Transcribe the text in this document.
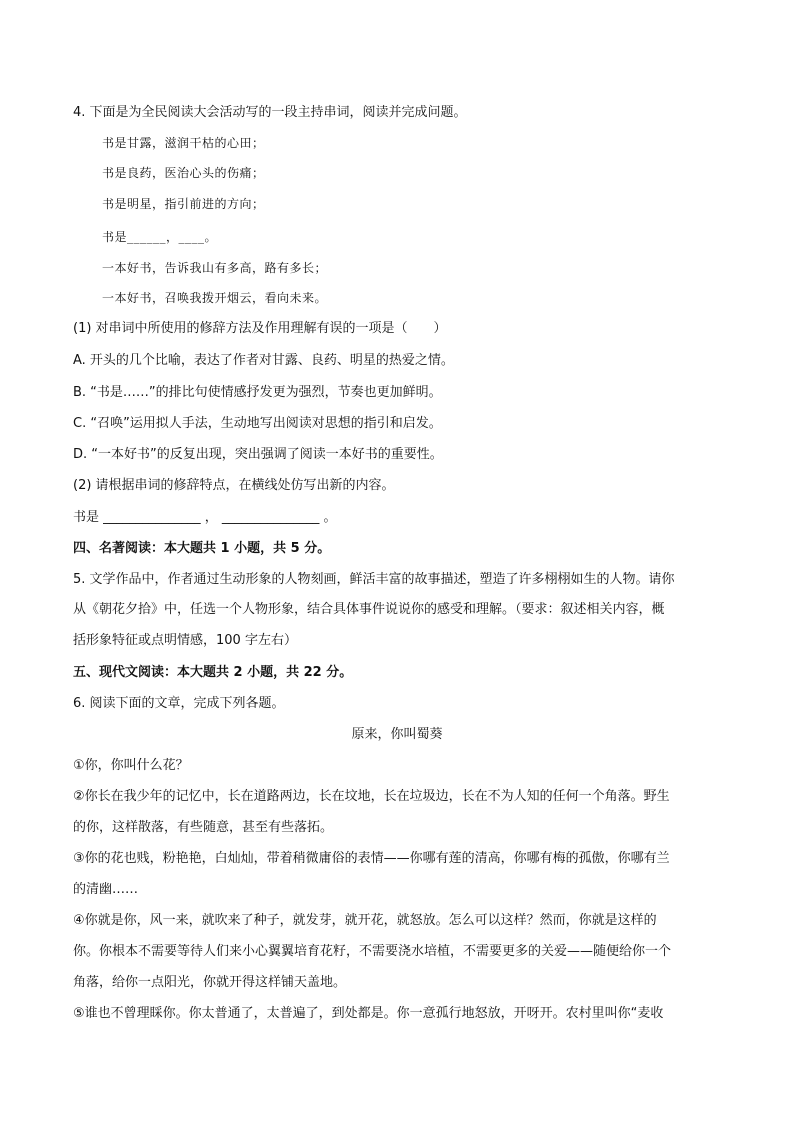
4. 下面是为全民阅读大会活动写的一段主持串词，阅读并完成问题。
书是甘露，滋润干枯的心田；
书是良药，医治心头的伤痛；
书是明星，指引前进的方向；
书是______，____。
一本好书，告诉我山有多高，路有多长；
一本好书，召唤我拨开烟云，看向未来。
(1) 对串词中所使用的修辞方法及作用理解有误的一项是（　　）
A. 开头的几个比喻，表达了作者对甘露、良药、明星的热爱之情。
B. “书是……”的排比句使情感抒发更为强烈，节奏也更加鲜明。
C. “召唤”运用拟人手法，生动地写出阅读对思想的指引和启发。
D. “一本好书”的反复出现，突出强调了阅读一本好书的重要性。
(2) 请根据串词的修辞特点，在横线处仿写出新的内容。
书是 _______________ ， _______________ 。
四、名著阅读：本大题共 1 小题，共 5 分。
5. 文学作品中，作者通过生动形象的人物刻画，鲜活丰富的故事描述，塑造了许多栩栩如生的人物。请你
从《朝花夕拾》中，任选一个人物形象，结合具体事件说说你的感受和理解。（要求：叙述相关内容，概
括形象特征或点明情感，100 字左右）
五、现代文阅读：本大题共 2 小题，共 22 分。
6. 阅读下面的文章，完成下列各题。
原来，你叫蜀葵
①你，你叫什么花？
②你长在我少年的记忆中，长在道路两边，长在坟地，长在垃圾边，长在不为人知的任何一个角落。野生
的你，这样散落，有些随意，甚至有些落拓。
③你的花也贱，粉艳艳，白灿灿，带着稍微庸俗的表情——你哪有莲的清高，你哪有梅的孤傲，你哪有兰
的清幽……
④你就是你，风一来，就吹来了种子，就发芽，就开花，就怒放。怎么可以这样？然而，你就是这样的
你。你根本不需要等待人们来小心翼翼培育花籽，不需要浇水培植，不需要更多的关爱——随便给你一个
角落，给你一点阳光，你就开得这样铺天盖地。
⑤谁也不曾理睬你。你太普通了，太普遍了，到处都是。你一意孤行地怒放，开呀开。农村里叫你“麦收
